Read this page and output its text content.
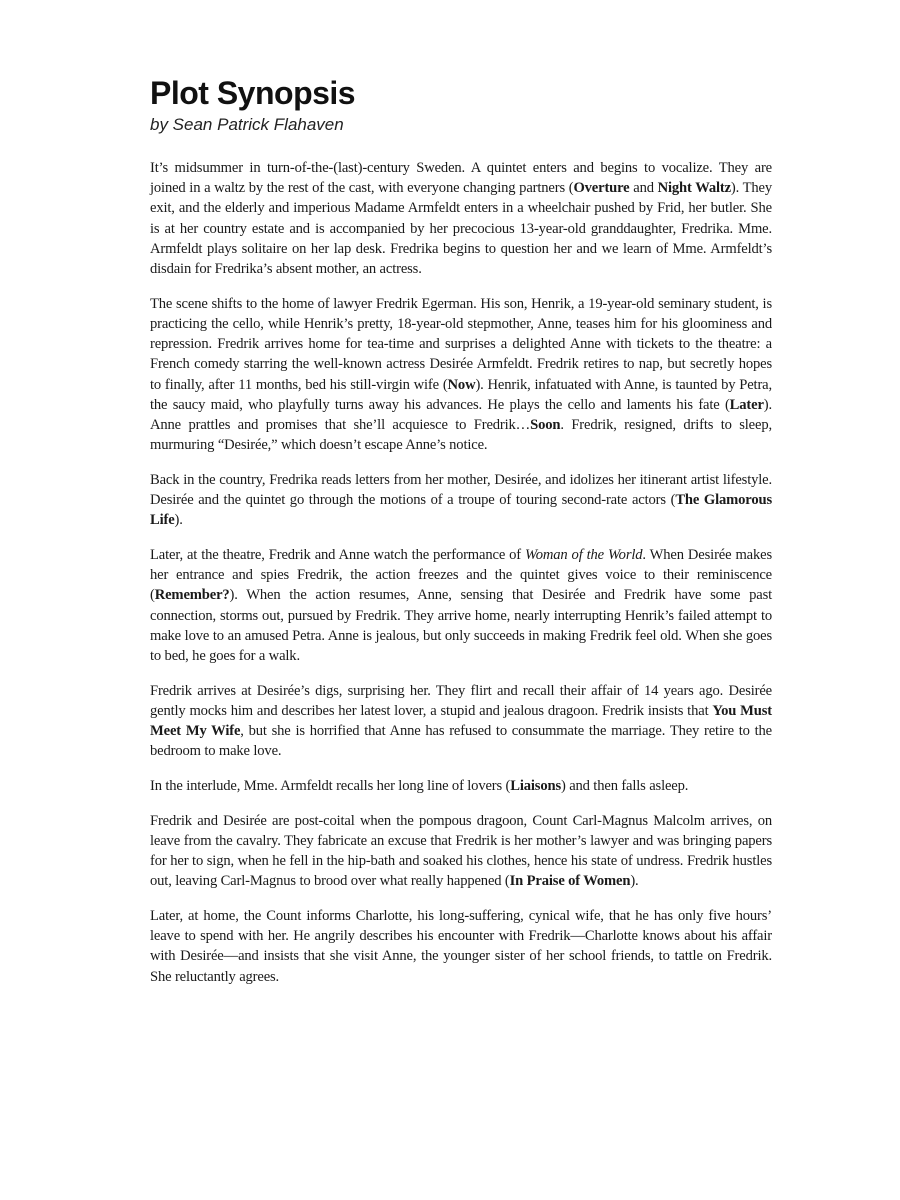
Plot Synopsis
by Sean Patrick Flahaven

It’s midsummer in turn-of-the-(last)-century Sweden. A quintet enters and begins to vocalize. They are joined in a waltz by the rest of the cast, with everyone changing partners (Overture and Night Waltz). They exit, and the elderly and imperious Madame Armfeldt enters in a wheelchair pushed by Frid, her butler. She is at her country estate and is accompanied by her precocious 13-year-old granddaughter, Fredrika. Mme. Armfeldt plays solitaire on her lap desk. Fredrika begins to question her and we learn of Mme. Armfeldt’s disdain for Fredrika’s absent mother, an actress.

The scene shifts to the home of lawyer Fredrik Egerman. His son, Henrik, a 19-year-old seminary student, is practicing the cello, while Henrik’s pretty, 18-year-old stepmother, Anne, teases him for his gloominess and repression. Fredrik arrives home for tea-time and surprises a delighted Anne with tickets to the theatre: a French comedy starring the well-known actress Desirée Armfeldt. Fredrik retires to nap, but secretly hopes to finally, after 11 months, bed his still-virgin wife (Now). Henrik, infatuated with Anne, is taunted by Petra, the saucy maid, who playfully turns away his advances. He plays the cello and laments his fate (Later). Anne prattles and promises that she’ll acquiesce to Fredrik…Soon. Fredrik, resigned, drifts to sleep, murmuring “Desirée,” which doesn’t escape Anne’s notice.

Back in the country, Fredrika reads letters from her mother, Desirée, and idolizes her itinerant artist lifestyle. Desirée and the quintet go through the motions of a troupe of touring second-rate actors (The Glamorous Life).

Later, at the theatre, Fredrik and Anne watch the performance of Woman of the World. When Desirée makes her entrance and spies Fredrik, the action freezes and the quintet gives voice to their reminiscence (Remember?). When the action resumes, Anne, sensing that Desirée and Fredrik have some past connection, storms out, pursued by Fredrik. They arrive home, nearly interrupting Henrik’s failed attempt to make love to an amused Petra. Anne is jealous, but only succeeds in making Fredrik feel old. When she goes to bed, he goes for a walk.

Fredrik arrives at Desirée’s digs, surprising her. They flirt and recall their affair of 14 years ago. Desirée gently mocks him and describes her latest lover, a stupid and jealous dragoon. Fredrik insists that You Must Meet My Wife, but she is horrified that Anne has refused to consummate the marriage. They retire to the bedroom to make love.

In the interlude, Mme. Armfeldt recalls her long line of lovers (Liaisons) and then falls asleep.

Fredrik and Desirée are post-coital when the pompous dragoon, Count Carl-Magnus Malcolm arrives, on leave from the cavalry. They fabricate an excuse that Fredrik is her mother’s lawyer and was bringing papers for her to sign, when he fell in the hip-bath and soaked his clothes, hence his state of undress. Fredrik hustles out, leaving Carl-Magnus to brood over what really happened (In Praise of Women).

Later, at home, the Count informs Charlotte, his long-suffering, cynical wife, that he has only five hours’ leave to spend with her. He angrily describes his encounter with Fredrik—Charlotte knows about his affair with Desirée—and insists that she visit Anne, the younger sister of her school friends, to tattle on Fredrik. She reluctantly agrees.
